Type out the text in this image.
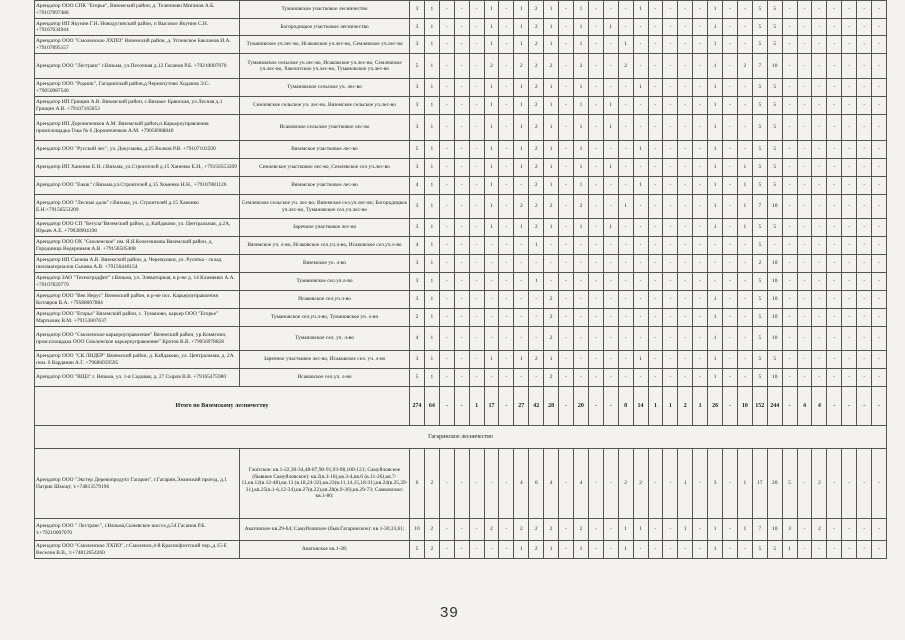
Арендатор ООО СПК "Егорье", Вяземский район, д. Телепнево Миганов А.Б. +79107897488	Тумановское участковое лесничество	3	1	-	-	-	1	-	1	2	1	-	1	-	-	-	1	-	-	-	-	1	-	-	5	5	-	-	-	-	-	-	-
Арендатор ИП Якунин Г.Н. Новодугинский район, п Высокое Якунин С.Н. +79167634944	Богородицкое участковое лесничество	3	1	-	-	-	1	-	1	2	1	-	1	-	1	-	-	-	-	-	-	1	-	-	5	5	-	-	-	-	-	-	-
Арендатор ООО "Смоленское ЛХПО" Вяземский район, д. Успенское Бакланов И.А. +79107895157	Тумановское уч.лес-во, Исаковское уч.лес-во, Семлевское уч.лес-во	3	1	-	-	-	1	-	1	2	1	-	1	-	-	1	-	-	-	-	-	1	-	-	5	5	-	-	-	-	-	-	-
Арендатор ООО "Лестранс" г.Вязьма, ул.Песочная д.12 Гасанов Р.Б. +79210007070	Тумановское сельское уч.лес-во, Исаковское уч.лес-во, Семлевское уч.лес-во, Хмелитское уч.лес-во, Тумановское уч.лес-во	5	1	-	-	-	2	-	2	2	2	-	2	-	-	2	-	-	-	-	-	1	-	2	7	10	-	-	-	-	-	-	-
Арендатор ООО "Родник", Гагаринский район,д.Чернопутово Ходанов Э.С. +79050987540	Тумановское сельское уч. лес-во	3	1	-	-	-	1	-	1	2	1	-	1	-	-	-	1	-	-	-	-	1	-	-	5	5	-	-	-	-	-	-	-
Арендатор ИП Грищин А.В. Вяземский район, с.Вязьма- Брянская, ул.Лесная д.1 Грищин А.В. +79107165053	Семлевское сельское уч. лес-во, Вяземское сельское уч.лес-во	3	1	-	-	-	1	-	1	2	1	-	1	-	1	-	-	-	-	-	-	1	-	-	5	5	-	-	-	-	-	-	-
Арендатор ИП Дорониченков А.М. Вяземский район,п.Карьероуправления промплощадка Гока № 6 Дорониченков А.М. +79056988846	Исаковское сельское участковое лес-во	3	1	-	-	-	1	-	1	2	1	-	1	-	1	-	-	-	-	-	-	1	-	-	5	5	-	-	-	-	-	-	-
Арендатор ООО "Русский лес", ул. Докучаева, д.25 Волков Р.В. +79107103590	Вяземское участковое лес-во	5	1	-	-	-	1	-	1	2	1	-	1	-	-	-	1	-	-	-	-	1	-	-	5	5	-	-	-	-	-	-	-
Арендатор ИП Ханенко Е.Н. г.Вязьма, ул.Строителей д.15 Ханенко Е.Н., +79156553209	Семлевское участковое лес-во, Семлевское сел уч.лес-во	3	1	-	-	-	1	-	1	2	1	-	1	-	1	-	-	-	-	-	-	1	-	1	5	5	-	-	-	-	-	-	-
Арендатор ООО "Ежик" г.Вязьма,ул.Строителей д.15 Хоменко Н.Н., +79107881126	Вяземское участковое лес-во	4	1	-	-	-	1	-	-	2	1	-	1	-	-	-	1	-	-	-	-	1	-	1	5	5	-	-	-	-	-	-	-
Арендатор ООО "Лесные дали" г.Вязьма, ул. Строителей д.15 Ханенко Е.Н.+79156553209	Семлевское сельское уч. лес-во; Вяземское сел.уч.лес-во; Богородицкое уч.лес-во, Тумановское сел.уч.лес-во	3	1	-	-	-	1	-	2	2	2	-	2	-	-	1	-	-	-	-	-	1	-	1	7	10	-	-	-	-	-	-	-
Арендатор ООО СП "Бетула"Вяземский район, д. Кайдаково, ул. Центральная, д.2А, Юрьев А.Е. +79038904198	Заречное участковое лес-во	3	1	-	-	-	1	-	1	2	1	-	1	-	1	-	-	-	-	-	-	1	-	1	5	5	-	-	-	-	-	-	-
Арендатор ООО ОХ "Смоленское" им. Я.Я.Колесникова Вяземский район, д. Городнища Ведерников А.В. +79156505408	Вяземское уч. л-во, Исаковское сел.уч.л-во, Исаковское сел.уч.л-во	4	1	-	-	-	-	-	-	1	-	-	-	-	-	-	-	-	-	-	-	-	-	-	5	-	-	-	-	-	-	-	-
Арендатор ИП Сычева А.В. Вяземский район, д. Черемушки, ул. Русятка - склад пиломатериалов Сычева А.В. +79156440154	Вяземское уч. л-во	3	1	-	-	-	-	-	-	-	-	-	-	-	-	-	-	-	-	-	-	-	-	-	2	10	-	-	-	-	-	-	-
Арендатор ЗАО "Техноградфит" г.Вязьма, ул. Элеваторная, в р-не д. 14 Клименко А.А. +79107829779	Тумановское сел.уч.л-во	3	1	-	-	-	-	-	-	1	-	-	-	-	-	-	-	-	-	-	-	-	-	-	5	10	-	-	-	-	-	-	-
Арендатор ООО "Век Нерус" Вяземский район, в р-не пос. Карьероуправления Котляров В.А. +79588007884	Исаковское сел.уч.л-во	3	1	-	-	-	-	-	-	-	2	-	-	-	-	-	-	-	-	-	-	1	-	-	5	10	-	-	-	-	-	-	-
Арендатор ООО "Егорье" Вяземский район, с. Туманово, карьер ООО "Егорье" Мартычик В.М. +79153807637	Тумановское сел.уч.л-во, Тумановское уч. л-во	2	1	-	-	-	-	-	-	-	2	-	-	-	-	-	-	-	-	-	-	1	-	-	5	10	-	-	-	-	-	-	-
Арендатор ООО "Смоленское карьероуправление" Вяземский район, ур.Комягино, пром.площадка ООО Смоленское карьероуправление" Кротов В.В. +79056978828	Тумановское сел. уч. л-во	4	1	-	-	-	-	-	-	-	2	-	-	-	-	-	-	-	-	-	-	1	-	-	5	10	-	-	-	-	-	-	-
Арендатор ООО "СК ЛИДЕР" Вяземский район, д. Кайдаково, ул. Центральная, д. 2А пом. 6 Вардянян А.Г. +79686059595	Заречное участковое лес-во, Исаковское сел. уч. л-во	3	1	-	-	-	1	-	1	2	1	-	-	-	-	-	1	-	-	-	-	1	-	-	5	5	-	-	-	-	-	-	-
Арендатор ООО "ВЩЗ" г. Вязьма, ул. 1-я Садовая, д. 27 Сыров В.В. +79165475980	Исаковское сел.уч. л-во	5	1	-	-	-	-	-	-	-	2	-	-	-	-	-	-	-	-	-	-	1	-	-	5	10	-	-	-	-	-	-	-
Итого по Вяземскому лесничеству		274	64	-	-	1	17	-	27	42	28	-	20	-	-	8	14	1	1	2	1	26	-	10	152	244	-	4	4	-	-	-	-
Гагаринское лесничество																																	
Арендатор ООО "Экстер Деревопродукт Гагарин", г.Гагарин,Эжинский проезд, д.1 Патрик Шмоцт, т.+74813579196	Гжатское: кв.1-22,30-34,48-87,90-91,93-98,100-121; Самуйловское (бывшее Самуйловское): кв.2(в.3-18),кв.3-4,кв.6 (в.11-26),кв.7-11,кв.12(в.12-48),кв.13 (в.18,24-32),кв.23(в.11,14,15,18-31),кв.24(в.25,29-31),кв.25(в.1-6,12-34),кв.27(в.22),кв.28(в.9-36),кв.29-73; Самковское: кв.1-80;	6	2	-	-	-	-	-	4	6	4	-	4	-	-	2	2	-	-	1	-	3	-	1	17	20	5	-	2	-	-	-	-
Арендатор ООО " Лестранс", г.Вязьма,Сычевское шоссе,д.54 Гасанов Р.Б. т.+79210007070	Акатовское кв.29-64; Самуйловское (быв.Гагаринское): кв.1-30,33,61;	10	2	-	-	-	2	-	2	2	2	-	2	-	-	1	1	-	-	1	-	1	-	1	7	10	3	-	2	-	-	-	-
Арендатор ООО "Смоленское ЛХПО", г.Смоленск,4-й Краснофлотский пер.,д.15-Е Веселов В.В., т.+74812654260	Акатовское кв.1-28;	5	2	-	-	-	-	-	1	2	1	-	1	-	-	1	-	-	-	-	-	1	-	-	5	5	1	-	-	-	-	-	-
39
